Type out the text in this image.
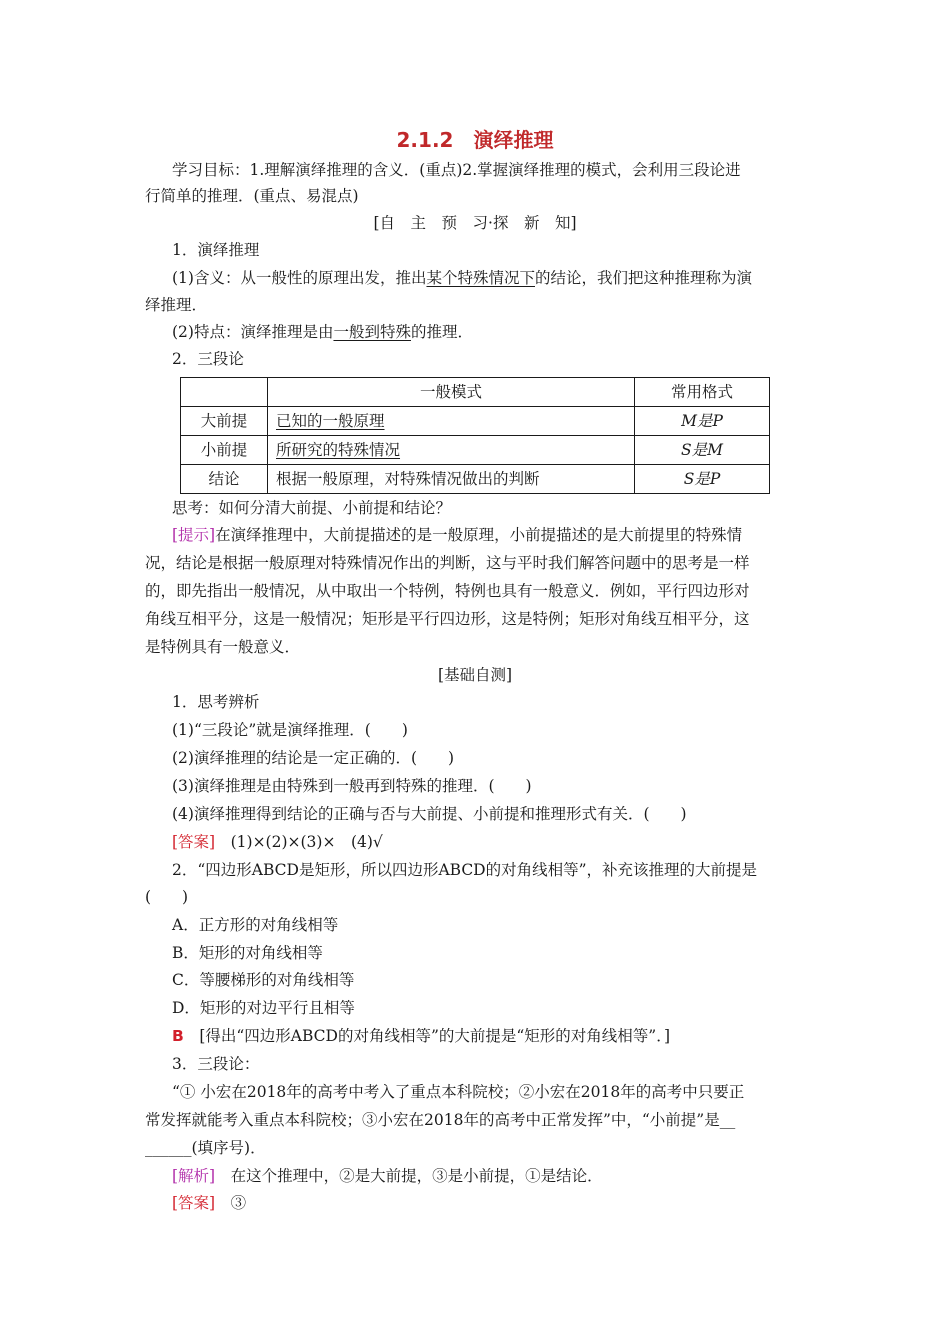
2.1.2　演绎推理
学习目标：1.理解演绎推理的含义．(重点)2.掌握演绎推理的模式，会利用三段论进
行简单的推理．(重点、易混点)
[自　主　预　习·探　新　知]
1．演绎推理
(1)含义：从一般性的原理出发，推出某个特殊情况下的结论，我们把这种推理称为演
绎推理．
(2)特点：演绎推理是由一般到特殊的推理．
2．三段论
	一般模式	常用格式
大前提	已知的一般原理	M是P
小前提	所研究的特殊情况	S是M
结论	根据一般原理，对特殊情况做出的判断	S是P
思考：如何分清大前提、小前提和结论？
[提示]在演绎推理中，大前提描述的是一般原理，小前提描述的是大前提里的特殊情
况，结论是根据一般原理对特殊情况作出的判断，这与平时我们解答问题中的思考是一样
的，即先指出一般情况，从中取出一个特例，特例也具有一般意义．例如，平行四边形对
角线互相平分，这是一般情况；矩形是平行四边形，这是特例；矩形对角线互相平分，这
是特例具有一般意义．
[基础自测]
1．思考辨析
(1)“三段论”就是演绎推理．(　　)
(2)演绎推理的结论是一定正确的．(　　)
(3)演绎推理是由特殊到一般再到特殊的推理．(　　)
(4)演绎推理得到结论的正确与否与大前提、小前提和推理形式有关．(　　)
[答案]　(1)×(2)×(3)×　(4)√
2．“四边形ABCD是矩形，所以四边形ABCD的对角线相等”，补充该推理的大前提是
(　　)
A．正方形的对角线相等
B．矩形的对角线相等
C．等腰梯形的对角线相等
D．矩形的对边平行且相等
B　[得出“四边形ABCD的对角线相等”的大前提是“矩形的对角线相等”．]
3．三段论：
“① 小宏在2018年的高考中考入了重点本科院校；②小宏在2018年的高考中只要正
常发挥就能考入重点本科院校；③小宏在2018年的高考中正常发挥”中，“小前提”是__
______(填序号)．
[解析]　在这个推理中，②是大前提，③是小前提，①是结论．
[答案]　③
